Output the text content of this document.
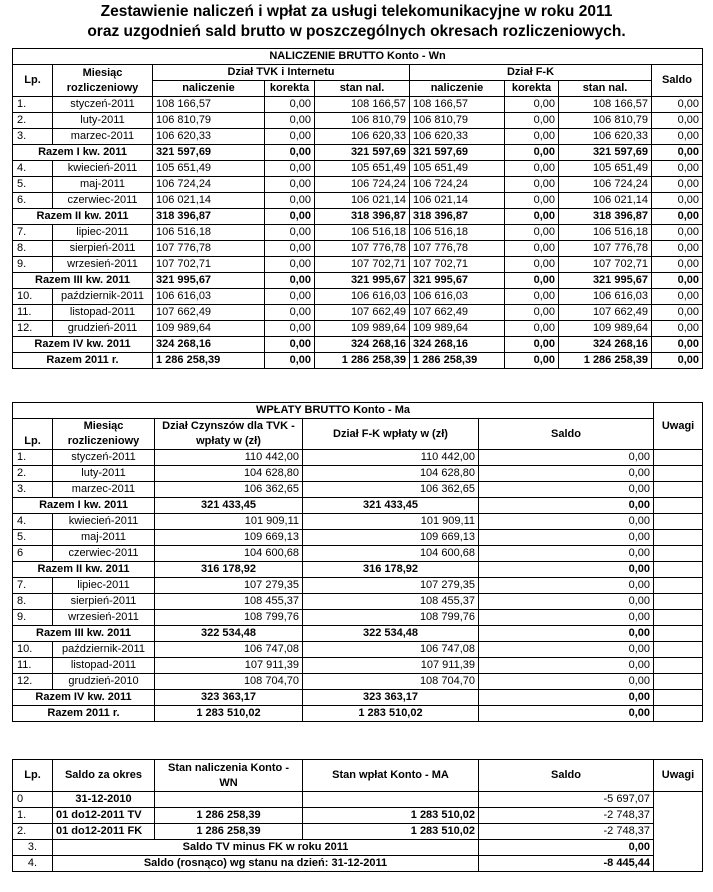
Zestawienie naliczeń i wpłat za usługi telekomunikacyjne w roku 2011
oraz uzgodnień sald brutto w poszczególnych okresach rozliczeniowych.
NALICZENIE BRUTTO Konto - Wn								
Lp.	Miesiąc rozliczeniowy	Dział TVK i Internetu			Dział F-K			Saldo
		naliczenie	korekta	stan nal.	naliczenie	korekta	stan nal.	
1.	styczeń-2011	108 166,57	0,00	108 166,57	108 166,57	0,00	108 166,57	0,00
2.	luty-2011	106 810,79	0,00	106 810,79	106 810,79	0,00	106 810,79	0,00
3.	marzec-2011	106 620,33	0,00	106 620,33	106 620,33	0,00	106 620,33	0,00
Razem I kw. 2011		321 597,69	0,00	321 597,69	321 597,69	0,00	321 597,69	0,00
4.	kwiecień-2011	105 651,49	0,00	105 651,49	105 651,49	0,00	105 651,49	0,00
5.	maj-2011	106 724,24	0,00	106 724,24	106 724,24	0,00	106 724,24	0,00
6.	czerwiec-2011	106 021,14	0,00	106 021,14	106 021,14	0,00	106 021,14	0,00
Razem II kw. 2011		318 396,87	0,00	318 396,87	318 396,87	0,00	318 396,87	0,00
7.	lipiec-2011	106 516,18	0,00	106 516,18	106 516,18	0,00	106 516,18	0,00
8.	sierpień-2011	107 776,78	0,00	107 776,78	107 776,78	0,00	107 776,78	0,00
9.	wrzesień-2011	107 702,71	0,00	107 702,71	107 702,71	0,00	107 702,71	0,00
Razem III kw. 2011		321 995,67	0,00	321 995,67	321 995,67	0,00	321 995,67	0,00
10.	październik-2011	106 616,03	0,00	106 616,03	106 616,03	0,00	106 616,03	0,00
11.	listopad-2011	107 662,49	0,00	107 662,49	107 662,49	0,00	107 662,49	0,00
12.	grudzień-2011	109 989,64	0,00	109 989,64	109 989,64	0,00	109 989,64	0,00
Razem IV kw. 2011		324 268,16	0,00	324 268,16	324 268,16	0,00	324 268,16	0,00
Razem 2011 r.		1 286 258,39	0,00	1 286 258,39	1 286 258,39	0,00	1 286 258,39	0,00
WPŁATY BRUTTO Konto - Ma					Uwagi
	Miesiąc rozliczeniowy	Dział Czynszów dla TVK -wpłaty w (zł)	Dział F-K wpłaty w (zł)	Saldo	
Lp.					
1.	styczeń-2011	110 442,00	110 442,00	0,00	
2.	luty-2011	104 628,80	104 628,80	0,00	
3.	marzec-2011	106 362,65	106 362,65	0,00	
Razem I kw. 2011		321 433,45	321 433,45	0,00	
4.	kwiecień-2011	101 909,11	101 909,11	0,00	
5.	maj-2011	109 669,13	109 669,13	0,00	
6	czerwiec-2011	104 600,68	104 600,68	0,00	
Razem II kw. 2011		316 178,92	316 178,92	0,00	
7.	lipiec-2011	107 279,35	107 279,35	0,00	
8.	sierpień-2011	108 455,37	108 455,37	0,00	
9.	wrzesień-2011	108 799,76	108 799,76	0,00	
Razem III kw. 2011		322 534,48	322 534,48	0,00	
10.	październik-2011	106 747,08	106 747,08	0,00	
11.	listopad-2011	107 911,39	107 911,39	0,00	
12.	grudzień-2010	108 704,70	108 704,70	0,00	
Razem IV kw. 2011		323 363,17	323 363,17	0,00	
Razem 2011 r.		1 283 510,02	1 283 510,02	0,00	
Lp.	Saldo za okres	Stan naliczenia Konto - WN	Stan wpłat Konto - MA	Saldo	Uwagi
0	31-12-2010			-5 697,07	
1.	01 do12-2011 TV	1 286 258,39	1 283 510,02	-2 748,37	
2.	01 do12-2011 FK	1 286 258,39	1 283 510,02	-2 748,37	
3.	Saldo TV minus FK w roku 2011			0,00	
4.	Saldo (rosnąco) wg stanu na dzień: 31-12-2011			-8 445,44	
